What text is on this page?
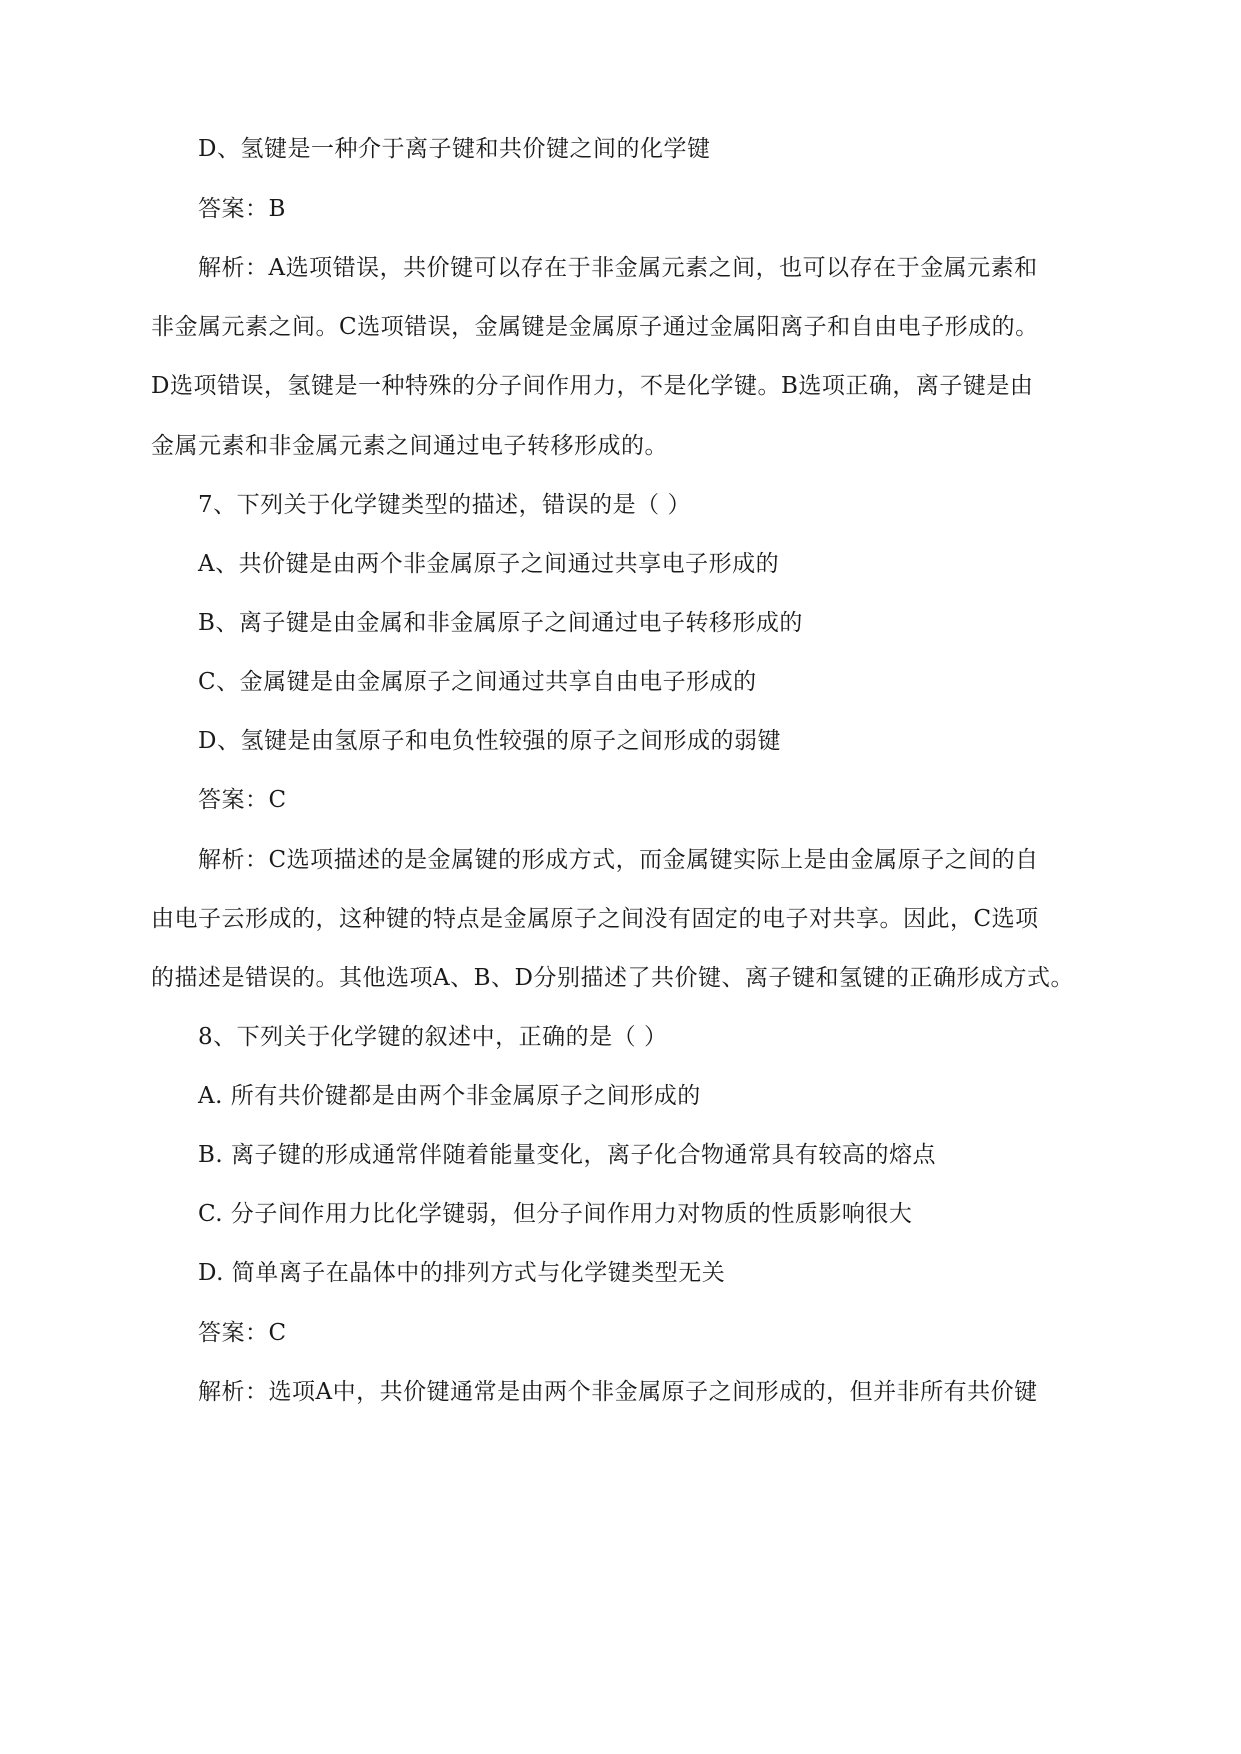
D、氢键是一种介于离子键和共价键之间的化学键
答案：B
解析：A选项错误，共价键可以存在于非金属元素之间，也可以存在于金属元素和
非金属元素之间。C选项错误，金属键是金属原子通过金属阳离子和自由电子形成的。
D选项错误，氢键是一种特殊的分子间作用力，不是化学键。B选项正确，离子键是由
金属元素和非金属元素之间通过电子转移形成的。
7、下列关于化学键类型的描述，错误的是（ ）
A、共价键是由两个非金属原子之间通过共享电子形成的
B、离子键是由金属和非金属原子之间通过电子转移形成的
C、金属键是由金属原子之间通过共享自由电子形成的
D、氢键是由氢原子和电负性较强的原子之间形成的弱键
答案：C
解析：C选项描述的是金属键的形成方式，而金属键实际上是由金属原子之间的自
由电子云形成的，这种键的特点是金属原子之间没有固定的电子对共享。因此，C选项
的描述是错误的。其他选项A、B、D分别描述了共价键、离子键和氢键的正确形成方式。
8、下列关于化学键的叙述中，正确的是（ ）
A. 所有共价键都是由两个非金属原子之间形成的
B. 离子键的形成通常伴随着能量变化，离子化合物通常具有较高的熔点
C. 分子间作用力比化学键弱，但分子间作用力对物质的性质影响很大
D. 简单离子在晶体中的排列方式与化学键类型无关
答案：C
解析：选项A中，共价键通常是由两个非金属原子之间形成的，但并非所有共价键
